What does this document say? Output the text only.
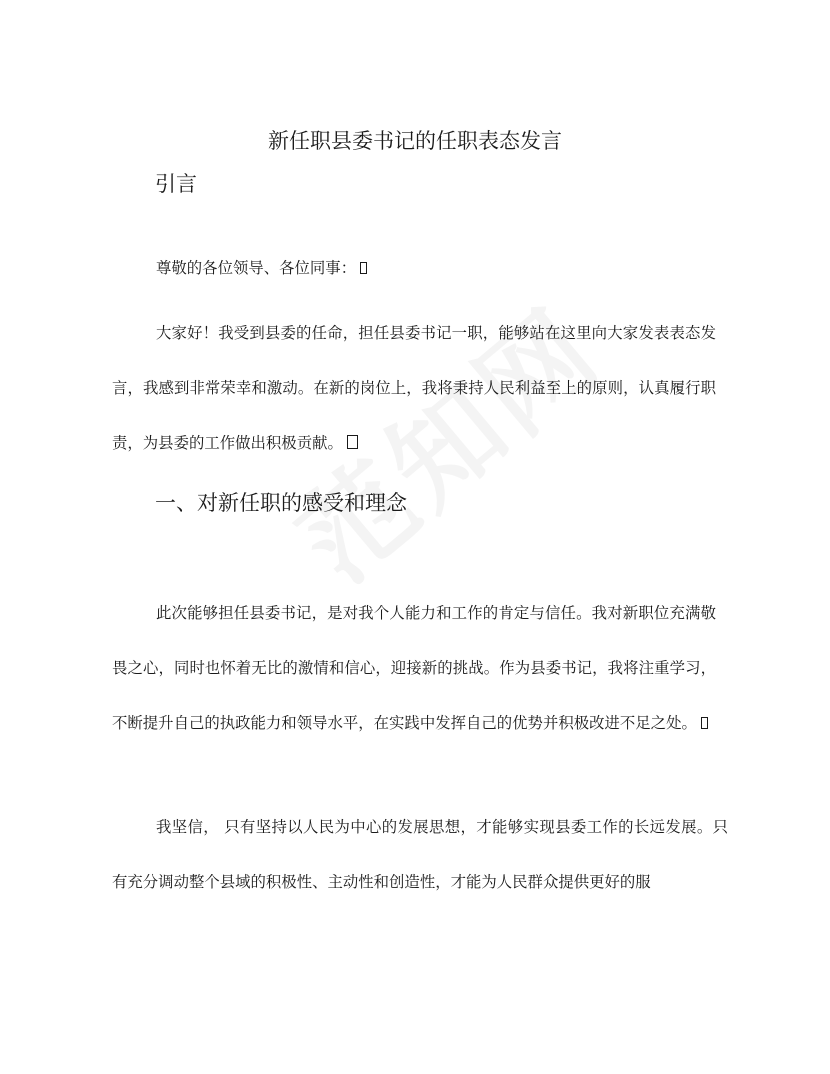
新任职县委书记的任职表态发言
引言

尊敬的各位领导、各位同事：

大家好！我受到县委的任命，担任县委书记一职，能够站在这里向大家发表表态发言，我感到非常荣幸和激动。在新的岗位上，我将秉持人民利益至上的原则，认真履行职责，为县委的工作做出积极贡献。

一、对新任职的感受和理念

此次能够担任县委书记，是对我个人能力和工作的肯定与信任。我对新职位充满敬畏之心，同时也怀着无比的激情和信心，迎接新的挑战。作为县委书记，我将注重学习，不断提升自己的执政能力和领导水平，在实践中发挥自己的优势并积极改进不足之处。

我坚信， 只有坚持以人民为中心的发展思想，才能够实现县委工作的长远发展。只有充分调动整个县域的积极性、主动性和创造性，才能为人民群众提供更好的服
